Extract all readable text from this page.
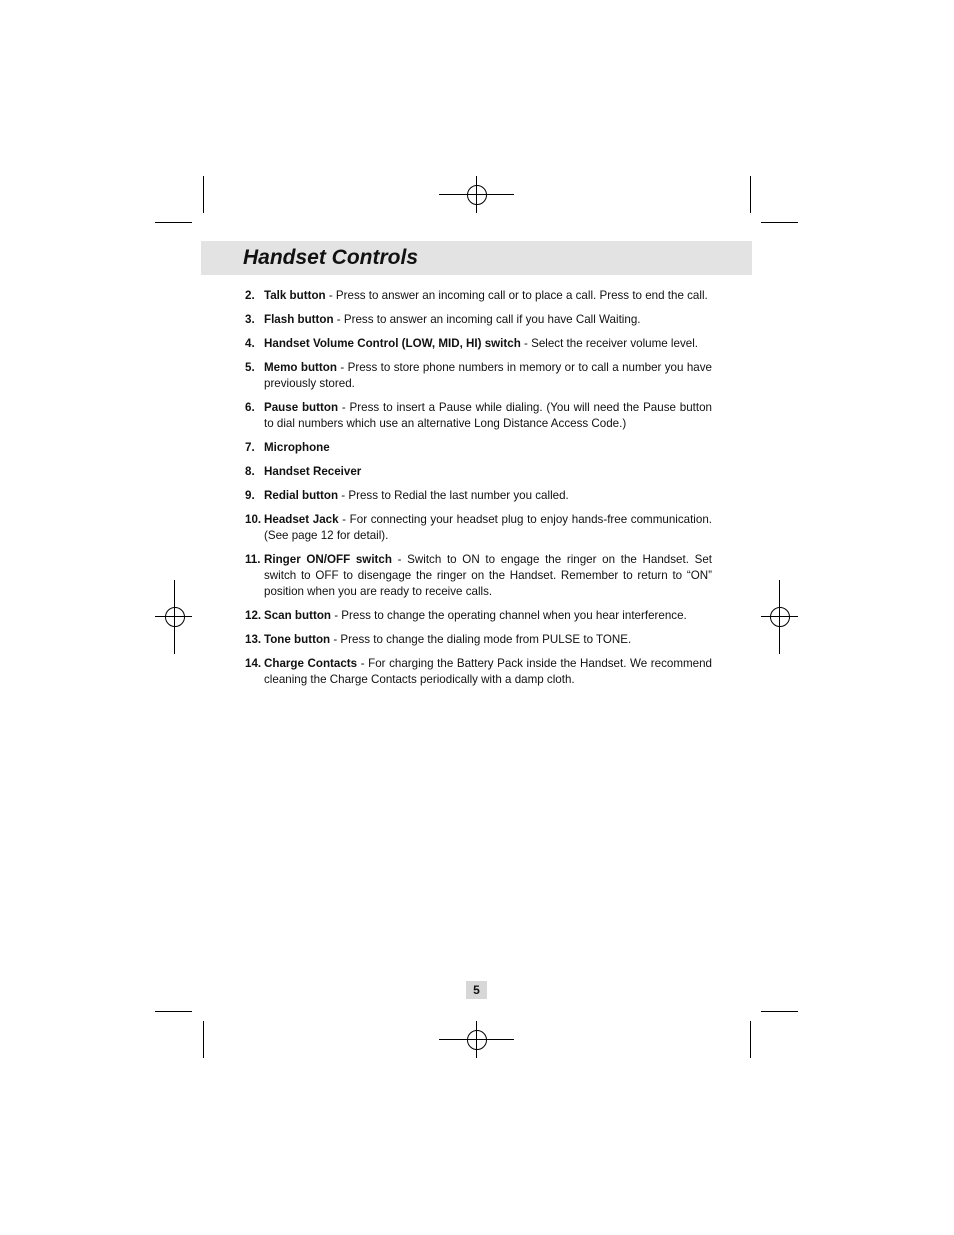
Handset Controls
2. Talk button - Press to answer an incoming call or to place a call. Press to end the call.
3. Flash button - Press to answer an incoming call if you have Call Waiting.
4. Handset Volume Control (LOW, MID, HI) switch - Select the receiver volume level.
5. Memo button - Press to store phone numbers in memory or to call a number you have previously stored.
6. Pause button - Press to insert a Pause while dialing. (You will need the Pause button to dial numbers which use an alternative Long Distance Access Code.)
7. Microphone
8. Handset Receiver
9. Redial button - Press to Redial the last number you called.
10. Headset Jack - For connecting your headset plug to enjoy hands-free communication. (See page 12 for detail).
11. Ringer ON/OFF switch - Switch to ON to engage the ringer on the Handset. Set switch to OFF to disengage the ringer on the Handset. Remember to return to “ON” position when you are ready to receive calls.
12. Scan button - Press to change the operating channel when you hear interference.
13. Tone button - Press to change the dialing mode from PULSE to TONE.
14. Charge Contacts - For charging the Battery Pack inside the Handset. We recommend cleaning the Charge Contacts periodically with a damp cloth.
5
